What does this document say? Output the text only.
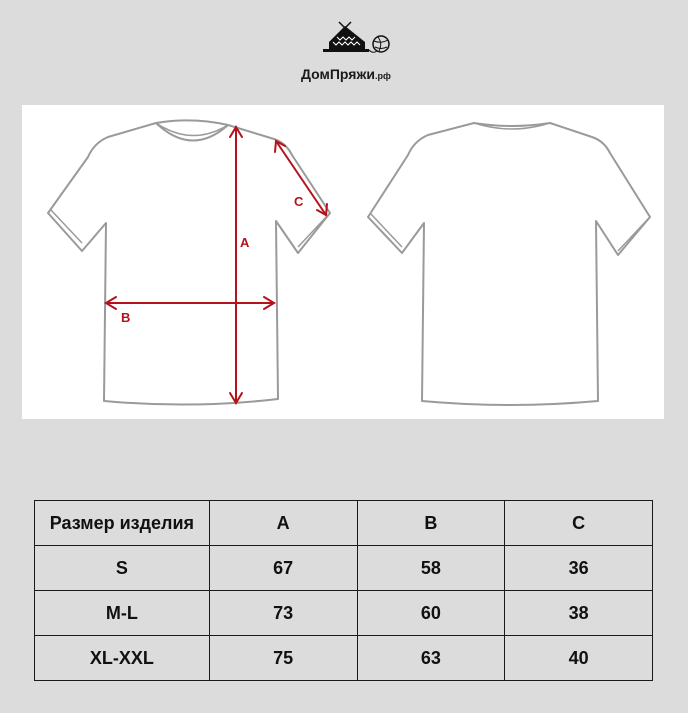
ДомПряжи.рф
A
B
C
Размер изделия	A	B	C
S	67	58	36
M-L	73	60	38
XL-XXL	75	63	40
